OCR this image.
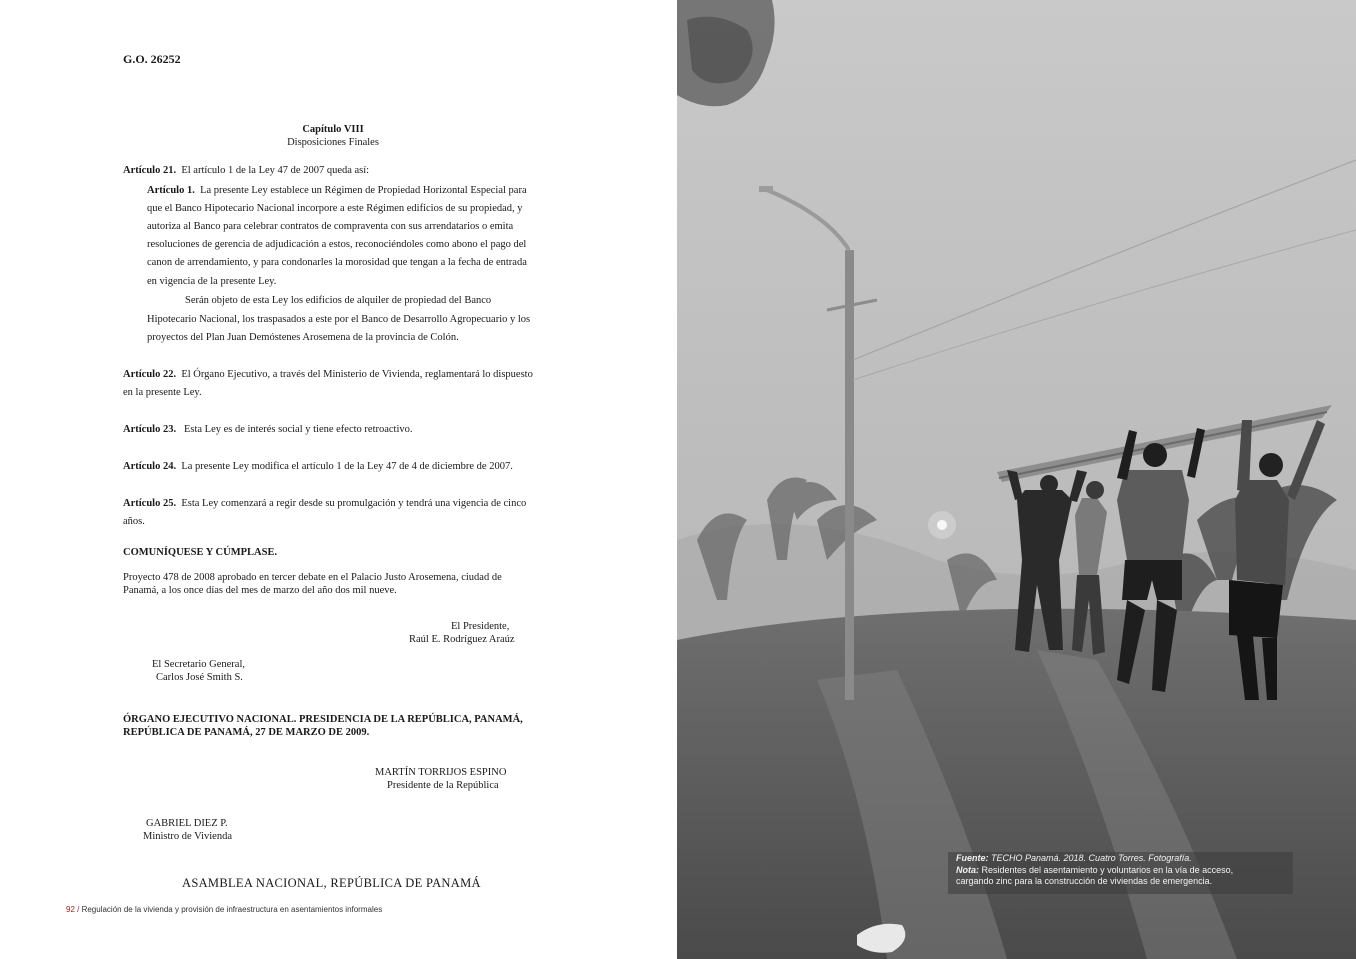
G.O. 26252
Capítulo VIII
Disposiciones Finales
Artículo 21. El artículo 1 de la Ley 47 de 2007 queda así:
Artículo 1. La presente Ley establece un Régimen de Propiedad Horizontal Especial para
que el Banco Hipotecario Nacional incorpore a este Régimen edificios de su propiedad, y
autoriza al Banco para celebrar contratos de compraventa con sus arrendatarios o emita
resoluciones de gerencia de adjudicación a estos, reconociéndoles como abono el pago del
canon de arrendamiento, y para condonarles la morosidad que tengan a la fecha de entrada
en vigencia de la presente Ley.
Serán objeto de esta Ley los edificios de alquiler de propiedad del Banco
Hipotecario Nacional, los traspasados a este por el Banco de Desarrollo Agropecuario y los
proyectos del Plan Juan Demóstenes Arosemena de la provincia de Colón.
Artículo 22. El Órgano Ejecutivo, a través del Ministerio de Vivienda, reglamentará lo dispuesto
en la presente Ley.
Artículo 23. Esta Ley es de interés social y tiene efecto retroactivo.
Artículo 24. La presente Ley modifica el artículo 1 de la Ley 47 de 4 de diciembre de 2007.
Artículo 25. Esta Ley comenzará a regir desde su promulgación y tendrá una vigencia de cinco
años.
COMUNÍQUESE Y CÚMPLASE.
Proyecto 478 de 2008 aprobado en tercer debate en el Palacio Justo Arosemena, ciudad de
Panamá, a los once días del mes de marzo del año dos mil nueve.
El Presidente,
Raúl E. Rodríguez Araúz
El Secretario General,
Carlos José Smith S.
ÓRGANO EJECUTIVO NACIONAL. PRESIDENCIA DE LA REPÚBLICA, PANAMÁ,
REPÚBLICA DE PANAMÁ, 27 DE MARZO DE 2009.
MARTÍN TORRIJOS ESPINO
Presidente de la República
GABRIEL DIEZ P.
Ministro de Vivienda
ASAMBLEA NACIONAL, REPÚBLICA DE PANAMÁ
92 / Regulación de la vivienda y provisión de infraestructura en asentamientos informales
Fuente: TECHO Panamá. 2018. Cuatro Torres. Fotografía.
Nota: Residentes del asentamiento y voluntarios en la vía de acceso,
cargando zinc para la construcción de viviendas de emergencia.
